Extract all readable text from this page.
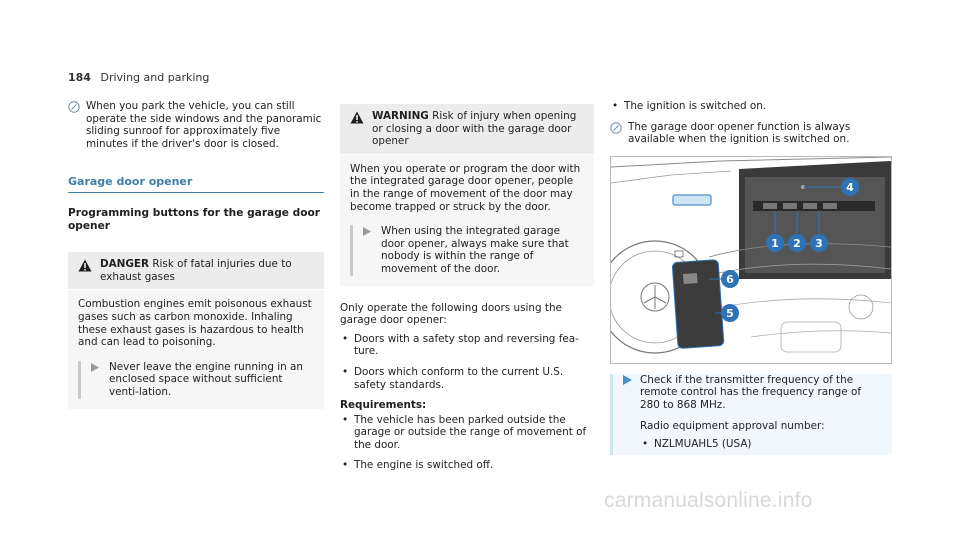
184 Driving and parking
When you park the vehicle, you can still operate the side windows and the panoramic sliding sunroof for approximately five minutes if the driver's door is closed.
Garage door opener
Programming buttons for the garage door opener
DANGER Risk of fatal injuries due to exhaust gases

Combustion engines emit poisonous exhaust gases such as carbon monoxide. Inhaling these exhaust gases is hazardous to health and can lead to poisoning.

Never leave the engine running in an enclosed space without sufficient venti-lation.
WARNING Risk of injury when opening or closing a door with the garage door opener

When you operate or program the door with the integrated garage door opener, people in the range of movement of the door may become trapped or struck by the door.

When using the integrated garage door opener, always make sure that nobody is within the range of movement of the door.

Only operate the following doors using the garage door opener:

• Doors with a safety stop and reversing fea-ture.
• Doors which conform to the current U.S. safety standards.
Requirements:
• The vehicle has been parked outside the garage or outside the range of movement of the door.
• The engine is switched off.
• The ignition is switched on.
The garage door opener function is always available when the ignition is switched on.
1 2 3
4
5
6
Check if the transmitter frequency of the remote control has the frequency range of 280 to 868 MHz.

Radio equipment approval number:

• NZLMUAHL5 (USA)
carmanualsonline.info
